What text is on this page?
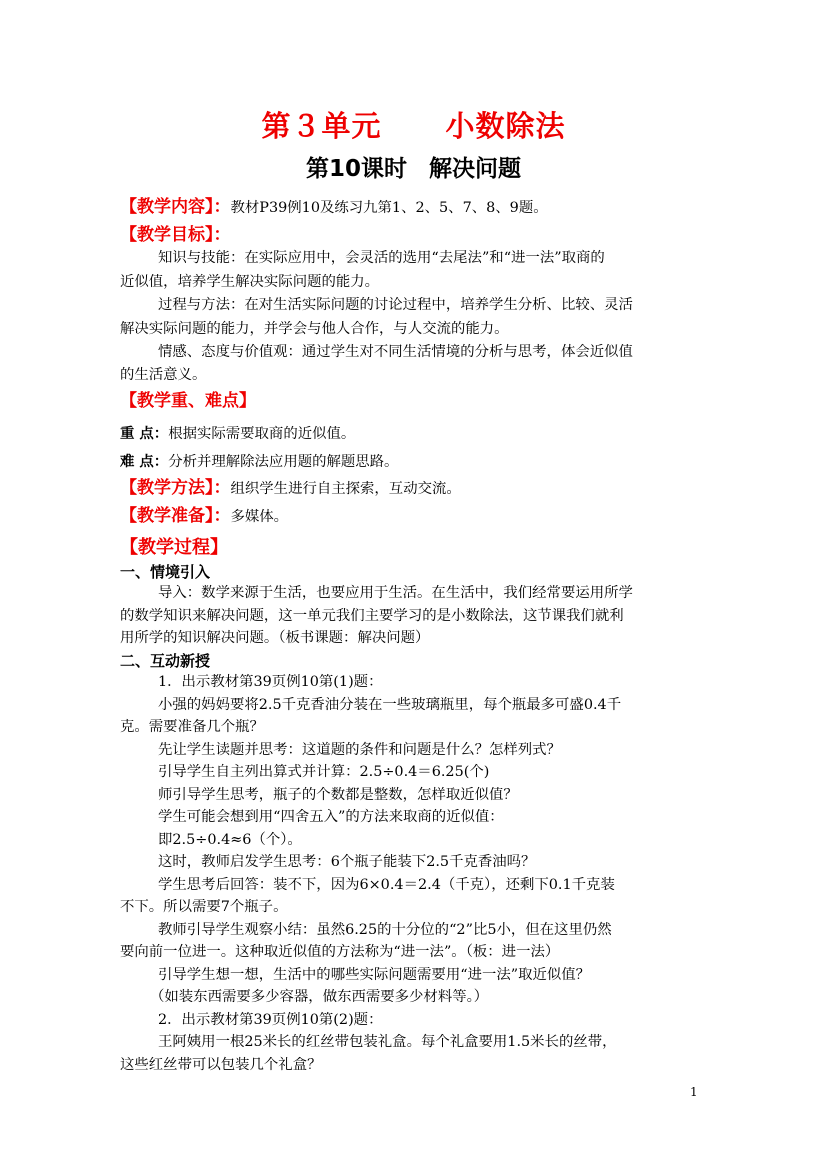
第３单元 小数除法
第10课时 解决问题
【教学内容】：教材P39例10及练习九第1、2、5、7、8、9题。
【教学目标】：
知识与技能：在实际应用中，会灵活的选用“去尾法”和“进一法”取商的
近似值，培养学生解决实际问题的能力。
过程与方法：在对生活实际问题的讨论过程中，培养学生分析、比较、灵活
解决实际问题的能力，并学会与他人合作，与人交流的能力。
情感、态度与价值观：通过学生对不同生活情境的分析与思考，体会近似值
的生活意义。
【教学重、难点】
重 点：根据实际需要取商的近似值。
难 点：分析并理解除法应用题的解题思路。
【教学方法】：组织学生进行自主探索，互动交流。
【教学准备】：多媒体。
【教学过程】
一、情境引入
导入：数学来源于生活，也要应用于生活。在生活中，我们经常要运用所学
的数学知识来解决问题，这一单元我们主要学习的是小数除法，这节课我们就利
用所学的知识解决问题。（板书课题：解决问题）
二、互动新授
1．出示教材第39页例10第(1)题：
小强的妈妈要将2.5千克香油分装在一些玻璃瓶里，每个瓶最多可盛0.4千
克。需要准备几个瓶？
先让学生读题并思考：这道题的条件和问题是什么？怎样列式？
引导学生自主列出算式并计算：2.5÷0.4＝6.25(个)
师引导学生思考，瓶子的个数都是整数，怎样取近似值？
学生可能会想到用“四舍五入”的方法来取商的近似值：
即2.5÷0.4≈6（个）。
这时，教师启发学生思考：6个瓶子能装下2.5千克香油吗？
学生思考后回答：装不下，因为6×0.4＝2.4（千克），还剩下0.1千克装
不下。所以需要7个瓶子。
教师引导学生观察小结：虽然6.25的十分位的“2”比5小，但在这里仍然
要向前一位进一。这种取近似值的方法称为“进一法”。（板：进一法）
引导学生想一想，生活中的哪些实际问题需要用“进一法”取近似值？
（如装东西需要多少容器，做东西需要多少材料等。）
2．出示教材第39页例10第(2)题：
王阿姨用一根25米长的红丝带包装礼盒。每个礼盒要用1.5米长的丝带，
这些红丝带可以包装几个礼盒？
1
